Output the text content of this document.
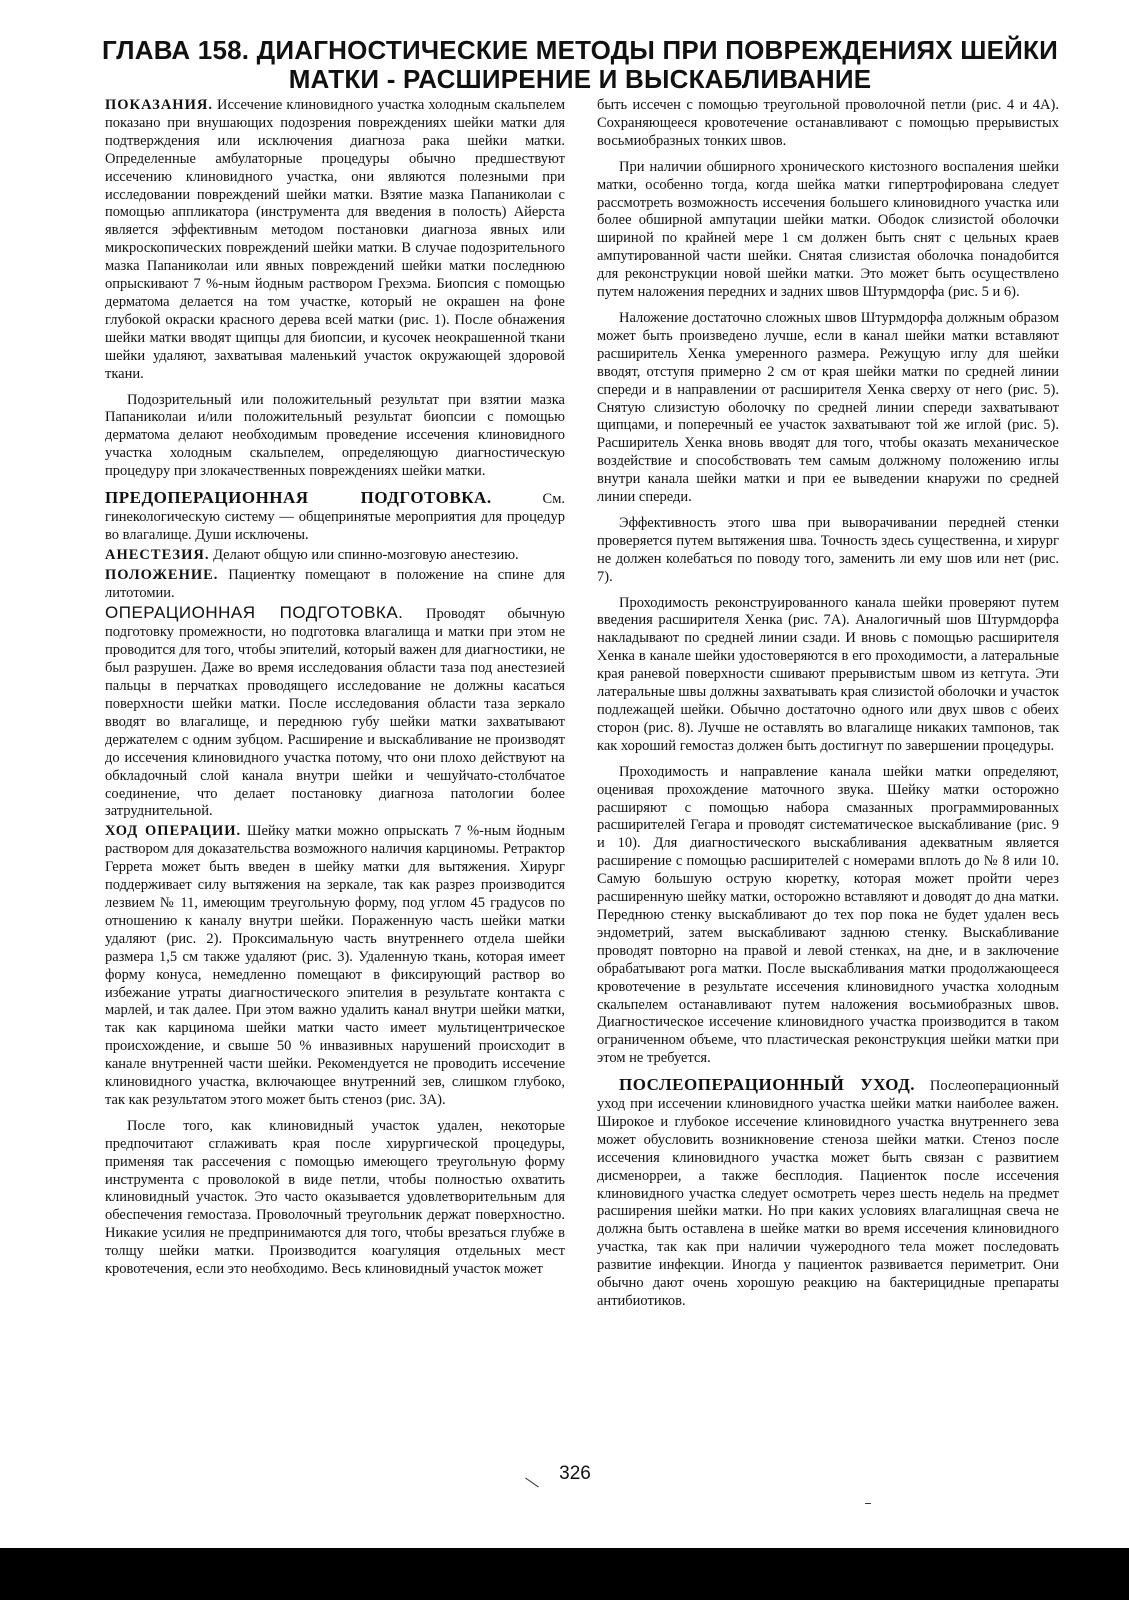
ГЛАВА 158. ДИАГНОСТИЧЕСКИЕ МЕТОДЫ ПРИ ПОВРЕЖДЕНИЯХ ШЕЙКИ
МАТКИ - РАСШИРЕНИЕ И ВЫСКАБЛИВАНИЕ

ПОКАЗАНИЯ. Иссечение клиновидного участка холодным скальпелем показано при внушающих подозрения повреждениях шейки матки для подтверждения или исключения диагноза рака шейки матки. Определенные амбулаторные процедуры обычно предшествуют иссечению клиновидного участка, они являются полезными при исследовании повреждений шейки матки. Взятие мазка Папаниколаи с помощью аппликатора (инструмента для введения в полость) Айерста является эффективным методом постановки диагноза явных или микроскопических повреждений шейки матки. В случае подозрительного мазка Папаниколаи или явных повреждений шейки матки последнюю опрыскивают 7 %-ным йодным раствором Грехэма. Биопсия с помощью дерматома делается на том участке, который не окрашен на фоне глубокой окраски красного дерева всей матки (рис. 1). После обнажения шейки матки вводят щипцы для биопсии, и кусочек неокрашенной ткани шейки удаляют, захватывая маленький участок окружающей здоровой ткани.

Подозрительный или положительный результат при взятии мазка Папаниколаи и/или положительный результат биопсии с помощью дерматома делают необходимым проведение иссечения клиновидного участка холодным скальпелем, определяющую диагностическую процедуру при злокачественных повреждениях шейки матки.

ПРЕДОПЕРАЦИОННАЯ ПОДГОТОВКА. См. гинекологическую систему — общепринятые мероприятия для процедур во влагалище. Души исключены.

АНЕСТЕЗИЯ. Делают общую или спинно-мозговую анестезию.

ПОЛОЖЕНИЕ. Пациентку помещают в положение на спине для литотомии.

ОПЕРАЦИОННАЯ ПОДГОТОВКА. Проводят обычную подготовку промежности, но подготовка влагалища и матки при этом не проводится для того, чтобы эпителий, который важен для диагностики, не был разрушен. Даже во время исследования области таза под анестезией пальцы в перчатках проводящего исследование не должны касаться поверхности шейки матки. После исследования области таза зеркало вводят во влагалище, и переднюю губу шейки матки захватывают держателем с одним зубцом. Расширение и выскабливание не производят до иссечения клиновидного участка потому, что они плохо действуют на обкладочный слой канала внутри шейки и чешуйчато-столбчатое соединение, что делает постановку диагноза патологии более затруднительной.

ХОД ОПЕРАЦИИ. Шейку матки можно опрыскать 7 %-ным йодным раствором для доказательства возможного наличия карциномы. Ретрактор Геррета может быть введен в шейку матки для вытяжения. Хирург поддерживает силу вытяжения на зеркале, так как разрез производится лезвием № 11, имеющим треугольную форму, под углом 45 градусов по отношению к каналу внутри шейки. Пораженную часть шейки матки удаляют (рис. 2). Проксимальную часть внутреннего отдела шейки размера 1,5 см также удаляют (рис. 3). Удаленную ткань, которая имеет форму конуса, немедленно помещают в фиксирующий раствор во избежание утраты диагностического эпителия в результате контакта с марлей, и так далее. При этом важно удалить канал внутри шейки матки, так как карцинома шейки матки часто имеет мультицентрическое происхождение, и свыше 50 % инвазивных нарушений происходит в канале внутренней части шейки. Рекомендуется не проводить иссечение клиновидного участка, включающее внутренний зев, слишком глубоко, так как результатом этого может быть стеноз (рис. 3А).

После того, как клиновидный участок удален, некоторые предпочитают сглаживать края после хирургической процедуры, применяя так рассечения с помощью имеющего треугольную форму инструмента с проволокой в виде петли, чтобы полностью охватить клиновидный участок. Это часто оказывается удовлетворительным для обеспечения гемостаза. Проволочный треугольник держат поверхностно. Никакие усилия не предпринимаются для того, чтобы врезаться глубже в толщу шейки матки. Производится коагуляция отдельных мест кровотечения, если это необходимо. Весь клиновидный участок может

быть иссечен с помощью треугольной проволочной петли (рис. 4 и 4А). Сохраняющееся кровотечение останавливают с помощью прерывистых восьмиобразных тонких швов.

При наличии обширного хронического кистозного воспаления шейки матки, особенно тогда, когда шейка матки гипертрофирована следует рассмотреть возможность иссечения большего клиновидного участка или более обширной ампутации шейки матки. Ободок слизистой оболочки шириной по крайней мере 1 см должен быть снят с цельных краев ампутированной части шейки. Снятая слизистая оболочка понадобится для реконструкции новой шейки матки. Это может быть осуществлено путем наложения передних и задних швов Штурмдорфа (рис. 5 и 6).

Наложение достаточно сложных швов Штурмдорфа должным образом может быть произведено лучше, если в канал шейки матки вставляют расширитель Хенка умеренного размера. Режущую иглу для шейки вводят, отступя примерно 2 см от края шейки матки по средней линии спереди и в направлении от расширителя Хенка сверху от него (рис. 5). Снятую слизистую оболочку по средней линии спереди захватывают щипцами, и поперечный ее участок захватывают той же иглой (рис. 5). Расширитель Хенка вновь вводят для того, чтобы оказать механическое воздействие и способствовать тем самым должному положению иглы внутри канала шейки матки и при ее выведении кнаружи по средней линии спереди.

Эффективность этого шва при выворачивании передней стенки проверяется путем вытяжения шва. Точность здесь существенна, и хирург не должен колебаться по поводу того, заменить ли ему шов или нет (рис. 7).

Проходимость реконструированного канала шейки проверяют путем введения расширителя Хенка (рис. 7А). Аналогичный шов Штурмдорфа накладывают по средней линии сзади. И вновь с помощью расширителя Хенка в канале шейки удостоверяются в его проходимости, а латеральные края раневой поверхности сшивают прерывистым швом из кетгута. Эти латеральные швы должны захватывать края слизистой оболочки и участок подлежащей шейки. Обычно достаточно одного или двух швов с обеих сторон (рис. 8). Лучше не оставлять во влагалище никаких тампонов, так как хороший гемостаз должен быть достигнут по завершении процедуры.

Проходимость и направление канала шейки матки определяют, оценивая прохождение маточного звука. Шейку матки осторожно расширяют с помощью набора смазанных программированных расширителей Гегара и проводят систематическое выскабливание (рис. 9 и 10). Для диагностического выскабливания адекватным является расширение с помощью расширителей с номерами вплоть до № 8 или 10. Самую большую острую кюретку, которая может пройти через расширенную шейку матки, осторожно вставляют и доводят до дна матки. Переднюю стенку выскабливают до тех пор пока не будет удален весь эндометрий, затем выскабливают заднюю стенку. Выскабливание проводят повторно на правой и левой стенках, на дне, и в заключение обрабатывают рога матки. После выскабливания матки продолжающееся кровотечение в результате иссечения клиновидного участка холодным скальпелем останавливают путем наложения восьмиобразных швов. Диагностическое иссечение клиновидного участка производится в таком ограниченном объеме, что пластическая реконструкция шейки матки при этом не требуется.

ПОСЛЕОПЕРАЦИОННЫЙ УХОД. Послеоперационный уход при иссечении клиновидного участка шейки матки наиболее важен. Широкое и глубокое иссечение клиновидного участка внутреннего зева может обусловить возникновение стеноза шейки матки. Стеноз после иссечения клиновидного участка может быть связан с развитием дисменорреи, а также бесплодия. Пациенток после иссечения клиновидного участка следует осмотреть через шесть недель на предмет расширения шейки матки. Но при каких условиях влагалищная свеча не должна быть оставлена в шейке матки во время иссечения клиновидного участка, так как при наличии чужеродного тела может последовать развитие инфекции. Иногда у пациенток развивается периметрит. Они обычно дают очень хорошую реакцию на бактерицидные препараты антибиотиков.

326
